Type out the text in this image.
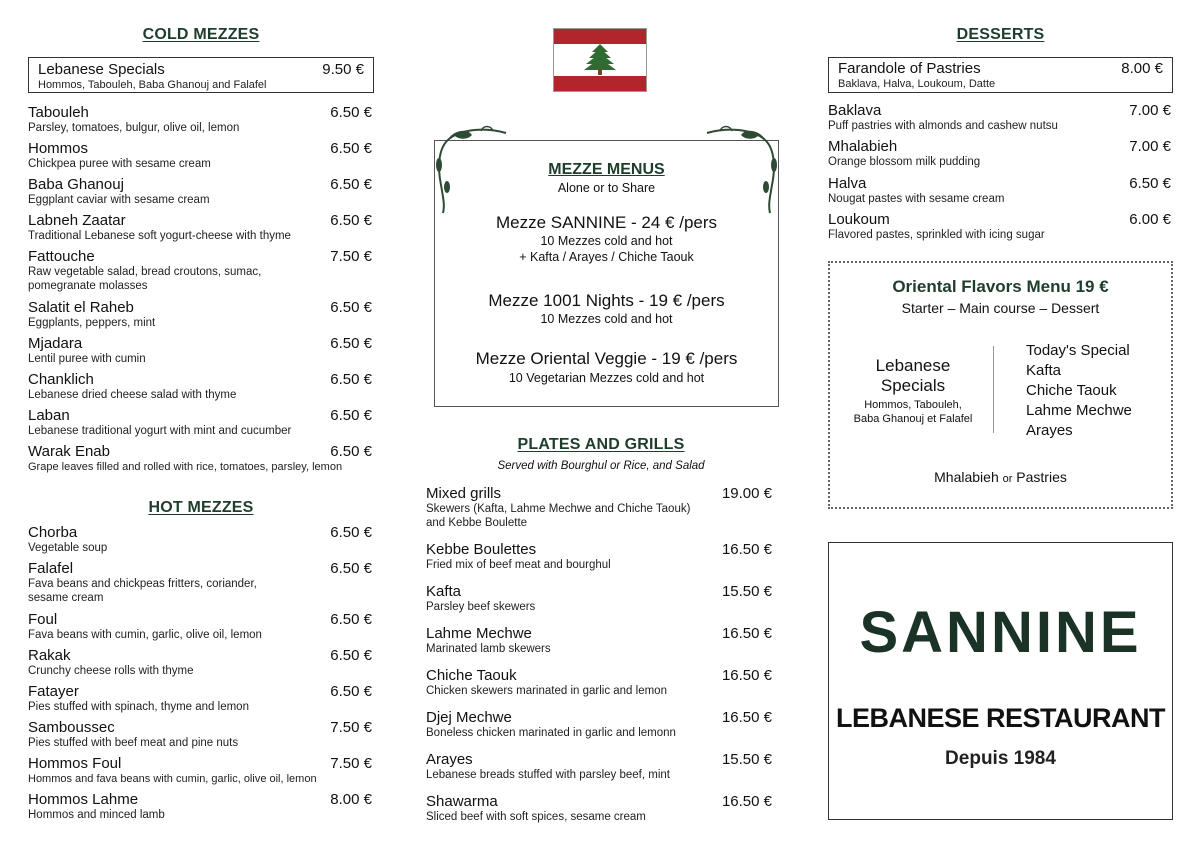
COLD MEZZES
Lebanese Specials	9.50 €
Hommos, Tabouleh, Baba Ghanouj and Falafel
Tabouleh	6.50 €
Parsley, tomatoes, bulgur, olive oil, lemon
Hommos	6.50 €
Chickpea puree with sesame cream
Baba Ghanouj	6.50 €
Eggplant caviar with sesame cream
Labneh Zaatar	6.50 €
Traditional Lebanese soft yogurt-cheese with thyme
Fattouche	7.50 €
Raw vegetable salad, bread croutons, sumac, pomegranate molasses
Salatit el Raheb	6.50 €
Eggplants, peppers, mint
Mjadara	6.50 €
Lentil puree with cumin
Chanklich	6.50 €
Lebanese dried cheese salad with thyme
Laban	6.50 €
Lebanese traditional yogurt with mint and cucumber
Warak Enab	6.50 €
Grape leaves filled and rolled with rice, tomatoes, parsley, lemon
HOT MEZZES
Chorba	6.50 €
Vegetable soup
Falafel	6.50 €
Fava beans and chickpeas fritters, coriander, sesame cream
Foul	6.50 €
Fava beans with cumin, garlic, olive oil, lemon
Rakak	6.50 €
Crunchy cheese rolls with thyme
Fatayer	6.50 €
Pies stuffed with spinach, thyme and lemon
Samboussec	7.50 €
Pies stuffed with beef meat and pine nuts
Hommos Foul	7.50 €
Hommos and fava beans with cumin, garlic, olive oil, lemon
Hommos Lahme	8.00 €
Hommos and minced lamb
MEZZE MENUS
Alone or to Share
Mezze SANNINE - 24 € /pers
10 Mezzes cold and hot
+ Kafta / Arayes / Chiche Taouk
Mezze 1001 Nights - 19 € /pers
10 Mezzes cold and hot
Mezze Oriental Veggie - 19 € /pers
10 Vegetarian Mezzes cold and hot
PLATES AND GRILLS
Served with Bourghul or Rice, and Salad
Mixed grills	19.00 €
Skewers (Kafta, Lahme Mechwe and Chiche Taouk) and Kebbe Boulette
Kebbe Boulettes	16.50 €
Fried mix of beef meat and bourghul
Kafta	15.50 €
Parsley beef skewers
Lahme Mechwe	16.50 €
Marinated lamb skewers
Chiche Taouk	16.50 €
Chicken skewers marinated in garlic and lemon
Djej Mechwe	16.50 €
Boneless chicken marinated in garlic and lemonn
Arayes	15.50 €
Lebanese breads stuffed with parsley beef, mint
Shawarma	16.50 €
Sliced beef with soft spices, sesame cream
DESSERTS
Farandole of Pastries	8.00 €
Baklava, Halva, Loukoum, Datte
Baklava	7.00 €
Puff pastries with almonds and cashew nutsu
Mhalabieh	7.00 €
Orange blossom milk pudding
Halva	6.50 €
Nougat pastes with sesame cream
Loukoum	6.00 €
Flavored pastes, sprinkled with icing sugar
Oriental Flavors Menu 19 €
Starter – Main course – Dessert
Lebanese
Specials
Hommos, Tabouleh,
Baba Ghanouj et Falafel
Today's Special
Kafta
Chiche Taouk
Lahme Mechwe
Arayes
Mhalabieh or Pastries
SANNINE
LEBANESE RESTAURANT
Depuis 1984
